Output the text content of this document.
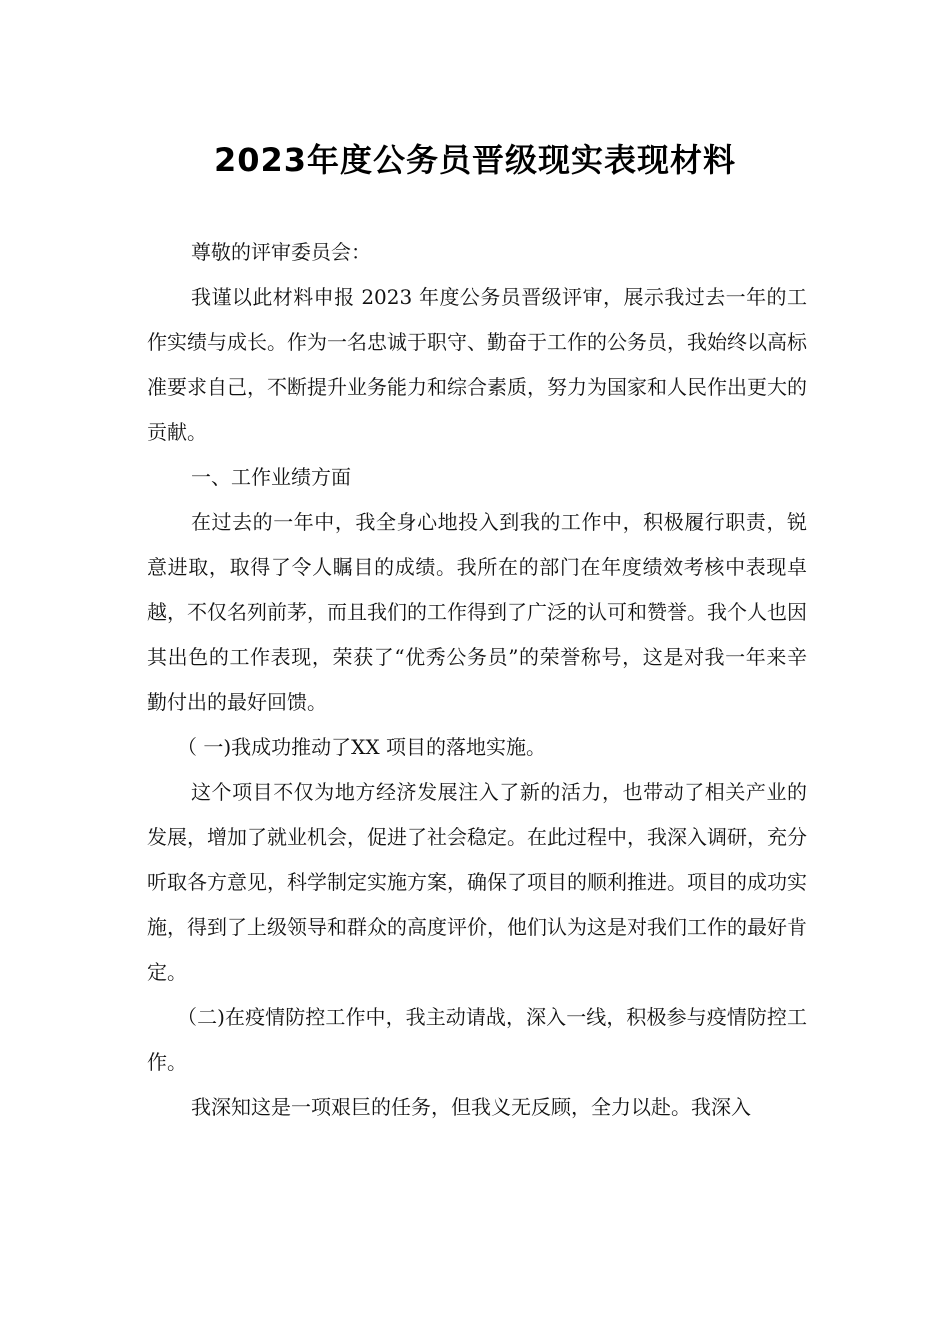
2023年度公务员晋级现实表现材料

尊敬的评审委员会：

我谨以此材料申报 2023 年度公务员晋级评审，展示我过去一年的工作实绩与成长。作为一名忠诚于职守、勤奋于工作的公务员，我始终以高标准要求自己，不断提升业务能力和综合素质，努力为国家和人民作出更大的贡献。

一、工作业绩方面

在过去的一年中，我全身心地投入到我的工作中，积极履行职责，锐意进取，取得了令人瞩目的成绩。我所在的部门在年度绩效考核中表现卓越，不仅名列前茅，而且我们的工作得到了广泛的认可和赞誉。我个人也因其出色的工作表现，荣获了“优秀公务员”的荣誉称号，这是对我一年来辛勤付出的最好回馈。

（ 一)我成功推动了XX 项目的落地实施。

这个项目不仅为地方经济发展注入了新的活力，也带动了相关产业的发展，增加了就业机会，促进了社会稳定。在此过程中，我深入调研，充分听取各方意见，科学制定实施方案，确保了项目的顺利推进。项目的成功实施，得到了上级领导和群众的高度评价，他们认为这是对我们工作的最好肯定。

（二)在疫情防控工作中，我主动请战，深入一线，积极参与疫情防控工作。

我深知这是一项艰巨的任务，但我义无反顾，全力以赴。我深入
